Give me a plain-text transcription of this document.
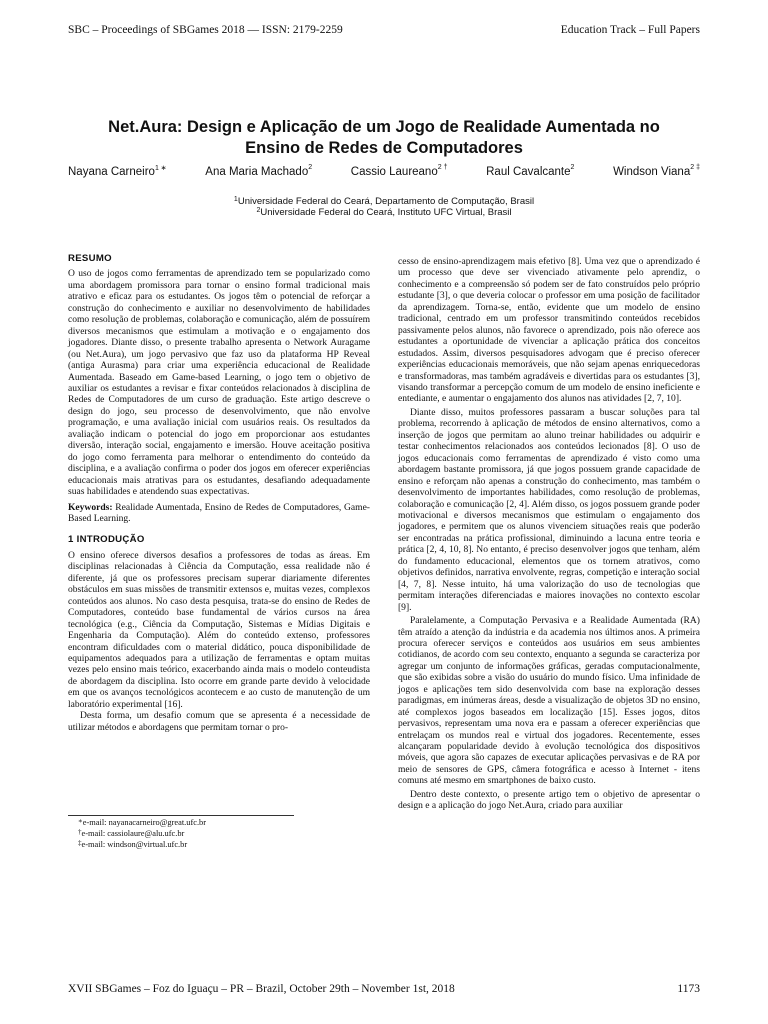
SBC – Proceedings of SBGames 2018 — ISSN: 2179-2259	Education Track – Full Papers
Net.Aura: Design e Aplicação de um Jogo de Realidade Aumentada no
Ensino de Redes de Computadores
Nayana Carneiro$^{1 ∗}$	Ana Maria Machado$^2$	Cassio Laureano$^{2 \dagger}$	Raul Cavalcante$^2$	Windson Viana$^{2 \ddagger}$
$^1$Universidade Federal do Ceará, Departamento de Computação, Brasil
$^2$Universidade Federal do Ceará, Instituto UFC Virtual, Brasil
RESUMO

O uso de jogos como ferramentas de aprendizado tem se popularizado como uma abordagem promissora para tornar o ensino formal tradicional mais atrativo e eficaz para os estudantes. Os jogos têm o potencial de reforçar a construção do conhecimento e auxiliar no desenvolvimento de habilidades como resolução de problemas, colaboração e comunicação, além de possuírem diversos mecanismos que estimulam a motivação e o engajamento dos jogadores. Diante disso, o presente trabalho apresenta o Network Auragame (ou Net.Aura), um jogo pervasivo que faz uso da plataforma HP Reveal (antiga Aurasma) para criar uma experiência educacional de Realidade Aumentada. Baseado em Game-based Learning, o jogo tem o objetivo de auxiliar os estudantes a revisar e fixar conteúdos relacionados à disciplina de Redes de Computadores de um curso de graduação. Este artigo descreve o design do jogo, seu processo de desenvolvimento, que não envolve programação, e uma avaliação inicial com usuários reais. Os resultados da avaliação indicam o potencial do jogo em proporcionar aos estudantes diversão, interação social, engajamento e imersão. Houve aceitação positiva do jogo como ferramenta para melhorar o entendimento do conteúdo da disciplina, e a avaliação confirma o poder dos jogos em oferecer experiências educacionais mais atrativas para os estudantes, desafiando adequadamente suas habilidades e atendendo suas expectativas.

Keywords: Realidade Aumentada, Ensino de Redes de Computadores, Game-Based Learning.

1 INTRODUÇÃO

O ensino oferece diversos desafios a professores de todas as áreas. Em disciplinas relacionadas à Ciência da Computação, essa realidade não é diferente, já que os professores precisam superar diariamente diferentes obstáculos em suas missões de transmitir extensos e, muitas vezes, complexos conteúdos aos alunos. No caso desta pesquisa, trata-se do ensino de Redes de Computadores, conteúdo base fundamental de vários cursos na área tecnológica (e.g., Ciência da Computação, Sistemas e Mídias Digitais e Engenharia da Computação). Além do conteúdo extenso, professores encontram dificuldades com o material didático, pouca disponibilidade de equipamentos adequados para a utilização de ferramentas e optam muitas vezes pelo ensino mais teórico, exacerbando ainda mais o modelo conteudista de abordagem da disciplina. Isto ocorre em grande parte devido à velocidade em que os avanços tecnológicos acontecem e ao custo de manutenção de um laboratório experimental [16].

Desta forma, um desafio comum que se apresenta é a necessidade de utilizar métodos e abordagens que permitam tornar o pro-

∗e-mail: nayanacarneiro@great.ufc.br
†e-mail: cassiolaure@alu.ufc.br
‡e-mail: windson@virtual.ufc.br

cesso de ensino-aprendizagem mais efetivo [8]. Uma vez que o aprendizado é um processo que deve ser vivenciado ativamente pelo aprendiz, o conhecimento e a compreensão só podem ser de fato construídos pelo próprio estudante [3], o que deveria colocar o professor em uma posição de facilitador da aprendizagem. Torna-se, então, evidente que um modelo de ensino tradicional, centrado em um professor transmitindo conteúdos recebidos passivamente pelos alunos, não favorece o aprendizado, pois não oferece aos estudantes a oportunidade de vivenciar a aplicação prática dos conceitos estudados. Assim, diversos pesquisadores advogam que é preciso oferecer experiências educacionais memoráveis, que não sejam apenas enriquecedoras e transformadoras, mas também agradáveis e divertidas para os estudantes [3], visando transformar a percepção comum de um modelo de ensino ineficiente e entediante, e aumentar o engajamento dos alunos nas atividades [2, 7, 10].

Diante disso, muitos professores passaram a buscar soluções para tal problema, recorrendo à aplicação de métodos de ensino alternativos, como a inserção de jogos que permitam ao aluno treinar habilidades ou adquirir e testar conhecimentos relacionados aos conteúdos lecionados [8]. O uso de jogos educacionais como ferramentas de aprendizado é visto como uma abordagem bastante promissora, já que jogos possuem grande capacidade de ensino e reforçam não apenas a construção do conhecimento, mas também o desenvolvimento de importantes habilidades, como resolução de problemas, colaboração e comunicação [2, 4]. Além disso, os jogos possuem grande poder motivacional e diversos mecanismos que estimulam o engajamento dos jogadores, e permitem que os alunos vivenciem situações reais que poderão ser encontradas na prática profissional, diminuindo a lacuna entre teoria e prática [2, 4, 10, 8]. No entanto, é preciso desenvolver jogos que tenham, além do fundamento educacional, elementos que os tornem atrativos, como objetivos definidos, narrativa envolvente, regras, competição e interação social [4, 7, 8]. Nesse intuito, há uma valorização do uso de tecnologias que permitam interações diferenciadas e maiores inovações no contexto escolar [9].

Paralelamente, a Computação Pervasiva e a Realidade Aumentada (RA) têm atraído a atenção da indústria e da academia nos últimos anos. A primeira procura oferecer serviços e conteúdos aos usuários em seus ambientes cotidianos, de acordo com seu contexto, enquanto a segunda se caracteriza por agregar um conjunto de informações gráficas, geradas computacionalmente, que são exibidas sobre a visão do usuário do mundo físico. Uma infinidade de jogos e aplicações tem sido desenvolvida com base na exploração desses paradigmas, em inúmeras áreas, desde a visualização de objetos 3D no ensino, até complexos jogos baseados em localização [15]. Esses jogos, ditos pervasivos, representam uma nova era e passam a oferecer experiências que entrelaçam os mundos real e virtual dos jogadores. Recentemente, esses alcançaram popularidade devido à evolução tecnológica dos dispositivos móveis, que agora são capazes de executar aplicações pervasivas e de RA por meio de sensores de GPS, câmera fotográfica e acesso à Internet - itens comuns até mesmo em smartphones de baixo custo.

Dentro deste contexto, o presente artigo tem o objetivo de apresentar o design e a aplicação do jogo Net.Aura, criado para auxiliar

XVII SBGames – Foz do Iguaçu – PR – Brazil, October 29th – November 1st, 2018	1173
